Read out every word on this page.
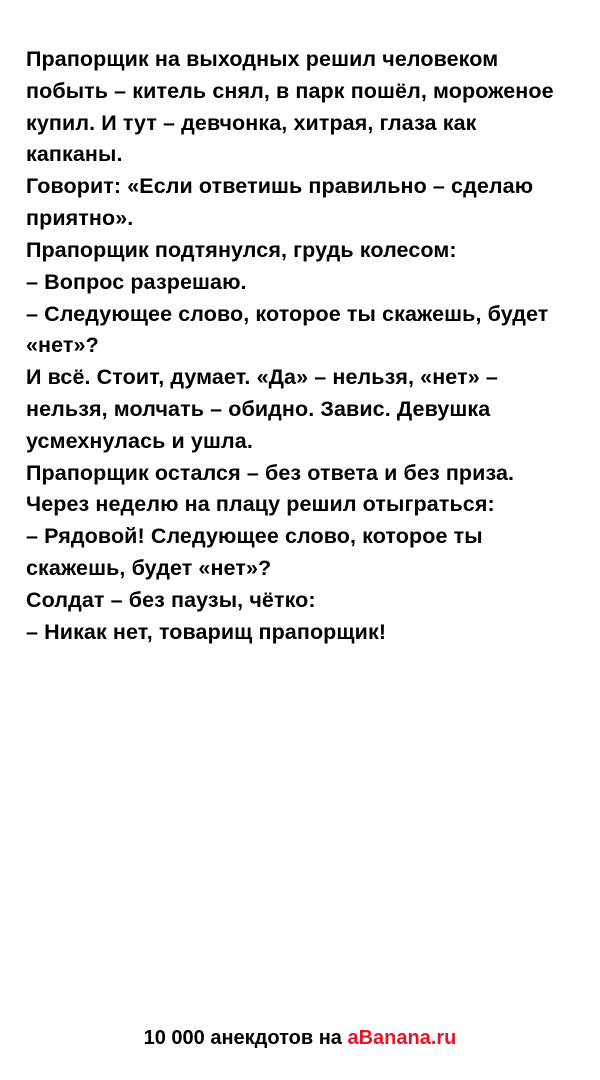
Прапорщик на выходных решил человеком побыть – китель снял, в парк пошёл, мороженое купил. И тут – девчонка, хитрая, глаза как капканы.

Говорит: «Если ответишь правильно – сделаю приятно».

Прапорщик подтянулся, грудь колесом:

– Вопрос разрешаю.

– Следующее слово, которое ты скажешь, будет «нет»?

И всё. Стоит, думает. «Да» – нельзя, «нет» – нельзя, молчать – обидно. Завис. Девушка усмехнулась и ушла.

Прапорщик остался – без ответа и без приза.

Через неделю на плацу решил отыграться:

– Рядовой! Следующее слово, которое ты скажешь, будет «нет»?

Солдат – без паузы, чётко:

– Никак нет, товарищ прапорщик!

10 000 анекдотов на aBanana.ru
